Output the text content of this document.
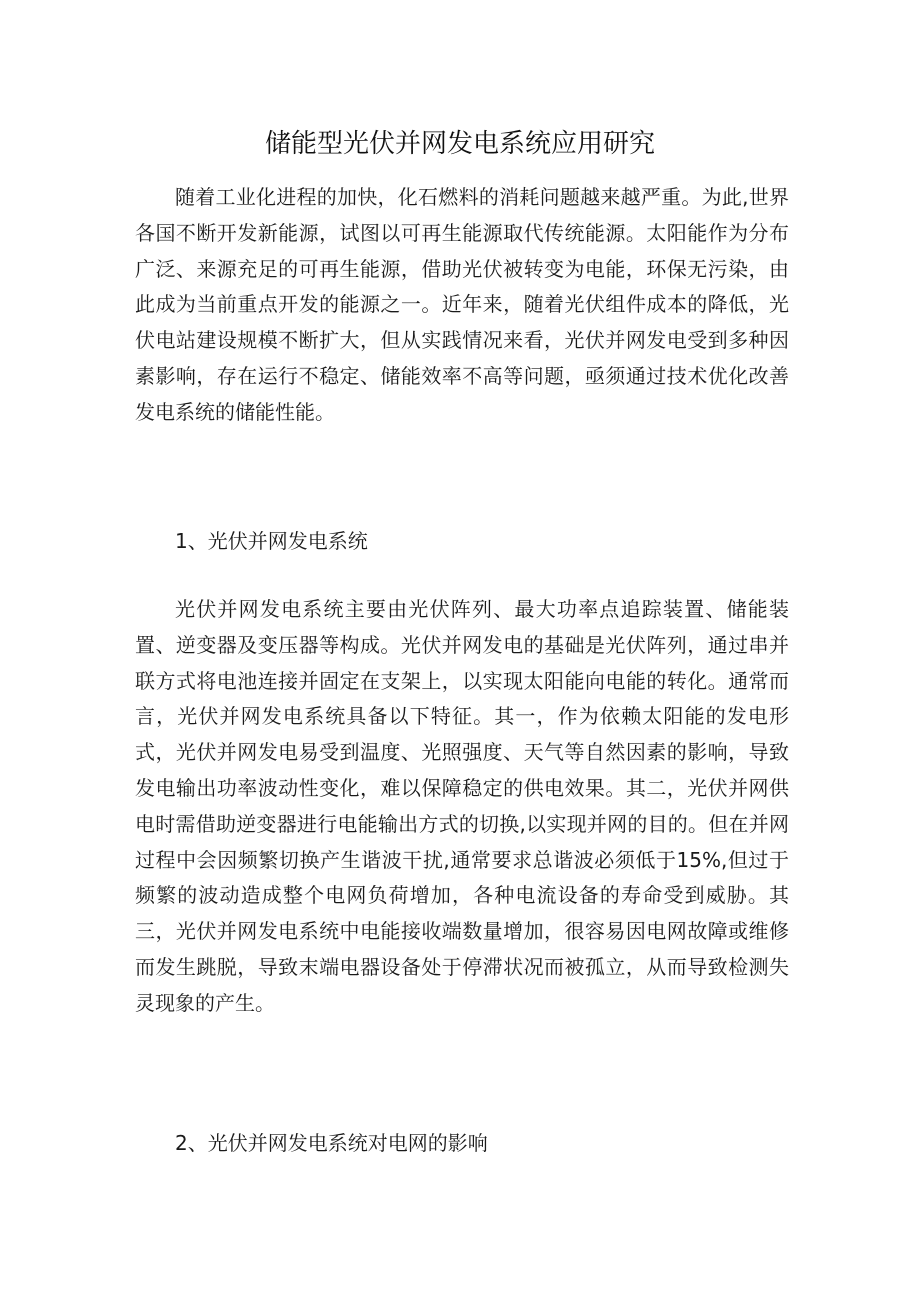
储能型光伏并网发电系统应用研究
随着工业化进程的加快，化石燃料的消耗问题越来越严重。为此,世界各国不断开发新能源，试图以可再生能源取代传统能源。太阳能作为分布广泛、来源充足的可再生能源，借助光伏被转变为电能，环保无污染，由此成为当前重点开发的能源之一。近年来，随着光伏组件成本的降低，光伏电站建设规模不断扩大，但从实践情况来看，光伏并网发电受到多种因素影响，存在运行不稳定、储能效率不高等问题，亟须通过技术优化改善发电系统的储能性能。
1、光伏并网发电系统
光伏并网发电系统主要由光伏阵列、最大功率点追踪装置、储能装置、逆变器及变压器等构成。光伏并网发电的基础是光伏阵列，通过串并联方式将电池连接并固定在支架上，以实现太阳能向电能的转化。通常而言，光伏并网发电系统具备以下特征。其一，作为依赖太阳能的发电形式，光伏并网发电易受到温度、光照强度、天气等自然因素的影响，导致发电输出功率波动性变化，难以保障稳定的供电效果。其二，光伏并网供电时需借助逆变器进行电能输出方式的切换,以实现并网的目的。但在并网过程中会因频繁切换产生谐波干扰,通常要求总谐波必须低于15%,但过于频繁的波动造成整个电网负荷增加，各种电流设备的寿命受到威胁。其三，光伏并网发电系统中电能接收端数量增加，很容易因电网故障或维修而发生跳脱，导致末端电器设备处于停滞状况而被孤立，从而导致检测失灵现象的产生。
2、光伏并网发电系统对电网的影响
